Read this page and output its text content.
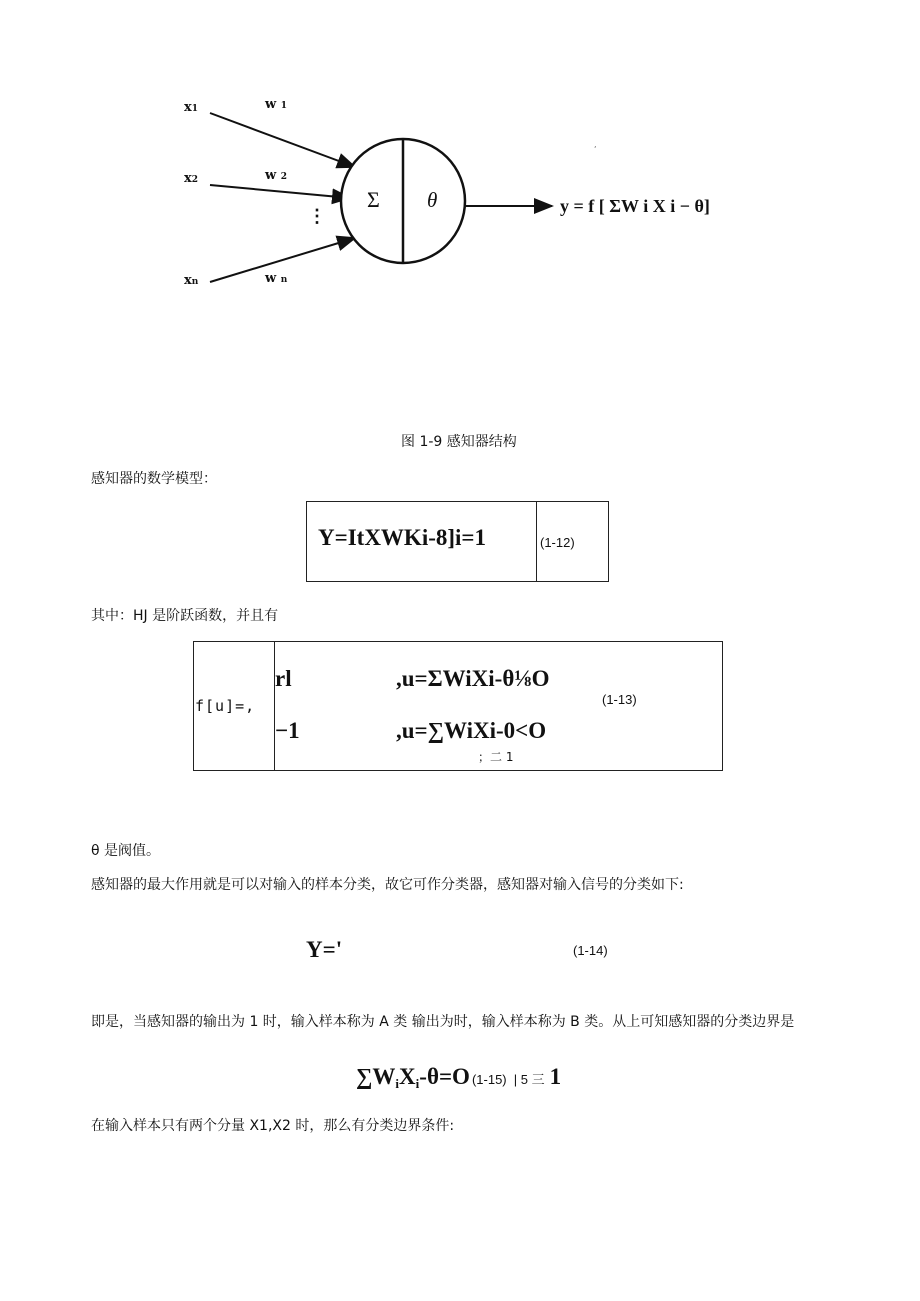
,
x1	w 1
x2	w 2
⋮
xn	w n
Σ θ	y = f [ ΣW i X i − θ]
图 1-9 感知器结构
感知器的数学模型：
Y=ItXWKi-8]i=1	(1-12)
其中：HJ 是阶跃函数，并且有
f[u]=,
rl	,u=ΣWiXi-θ⅛O
−1	,u=∑WiXi-0<O
；二 1
(1-13)
θ 是阀值。
感知器的最大作用就是可以对输入的样本分类，故它可作分类器，感知器对输入信号的分类如下:
Y='	(1-14)
即是，当感知器的输出为 1 时，输入样本称为 A 类 输出为时，输入样本称为 B 类。从上可知感知器的分类边界是
$\sum W_iX_i-\theta=O$ (1-15) | 5 三 1
在输入样本只有两个分量 X1,X2 时，那么有分类边界条件:
